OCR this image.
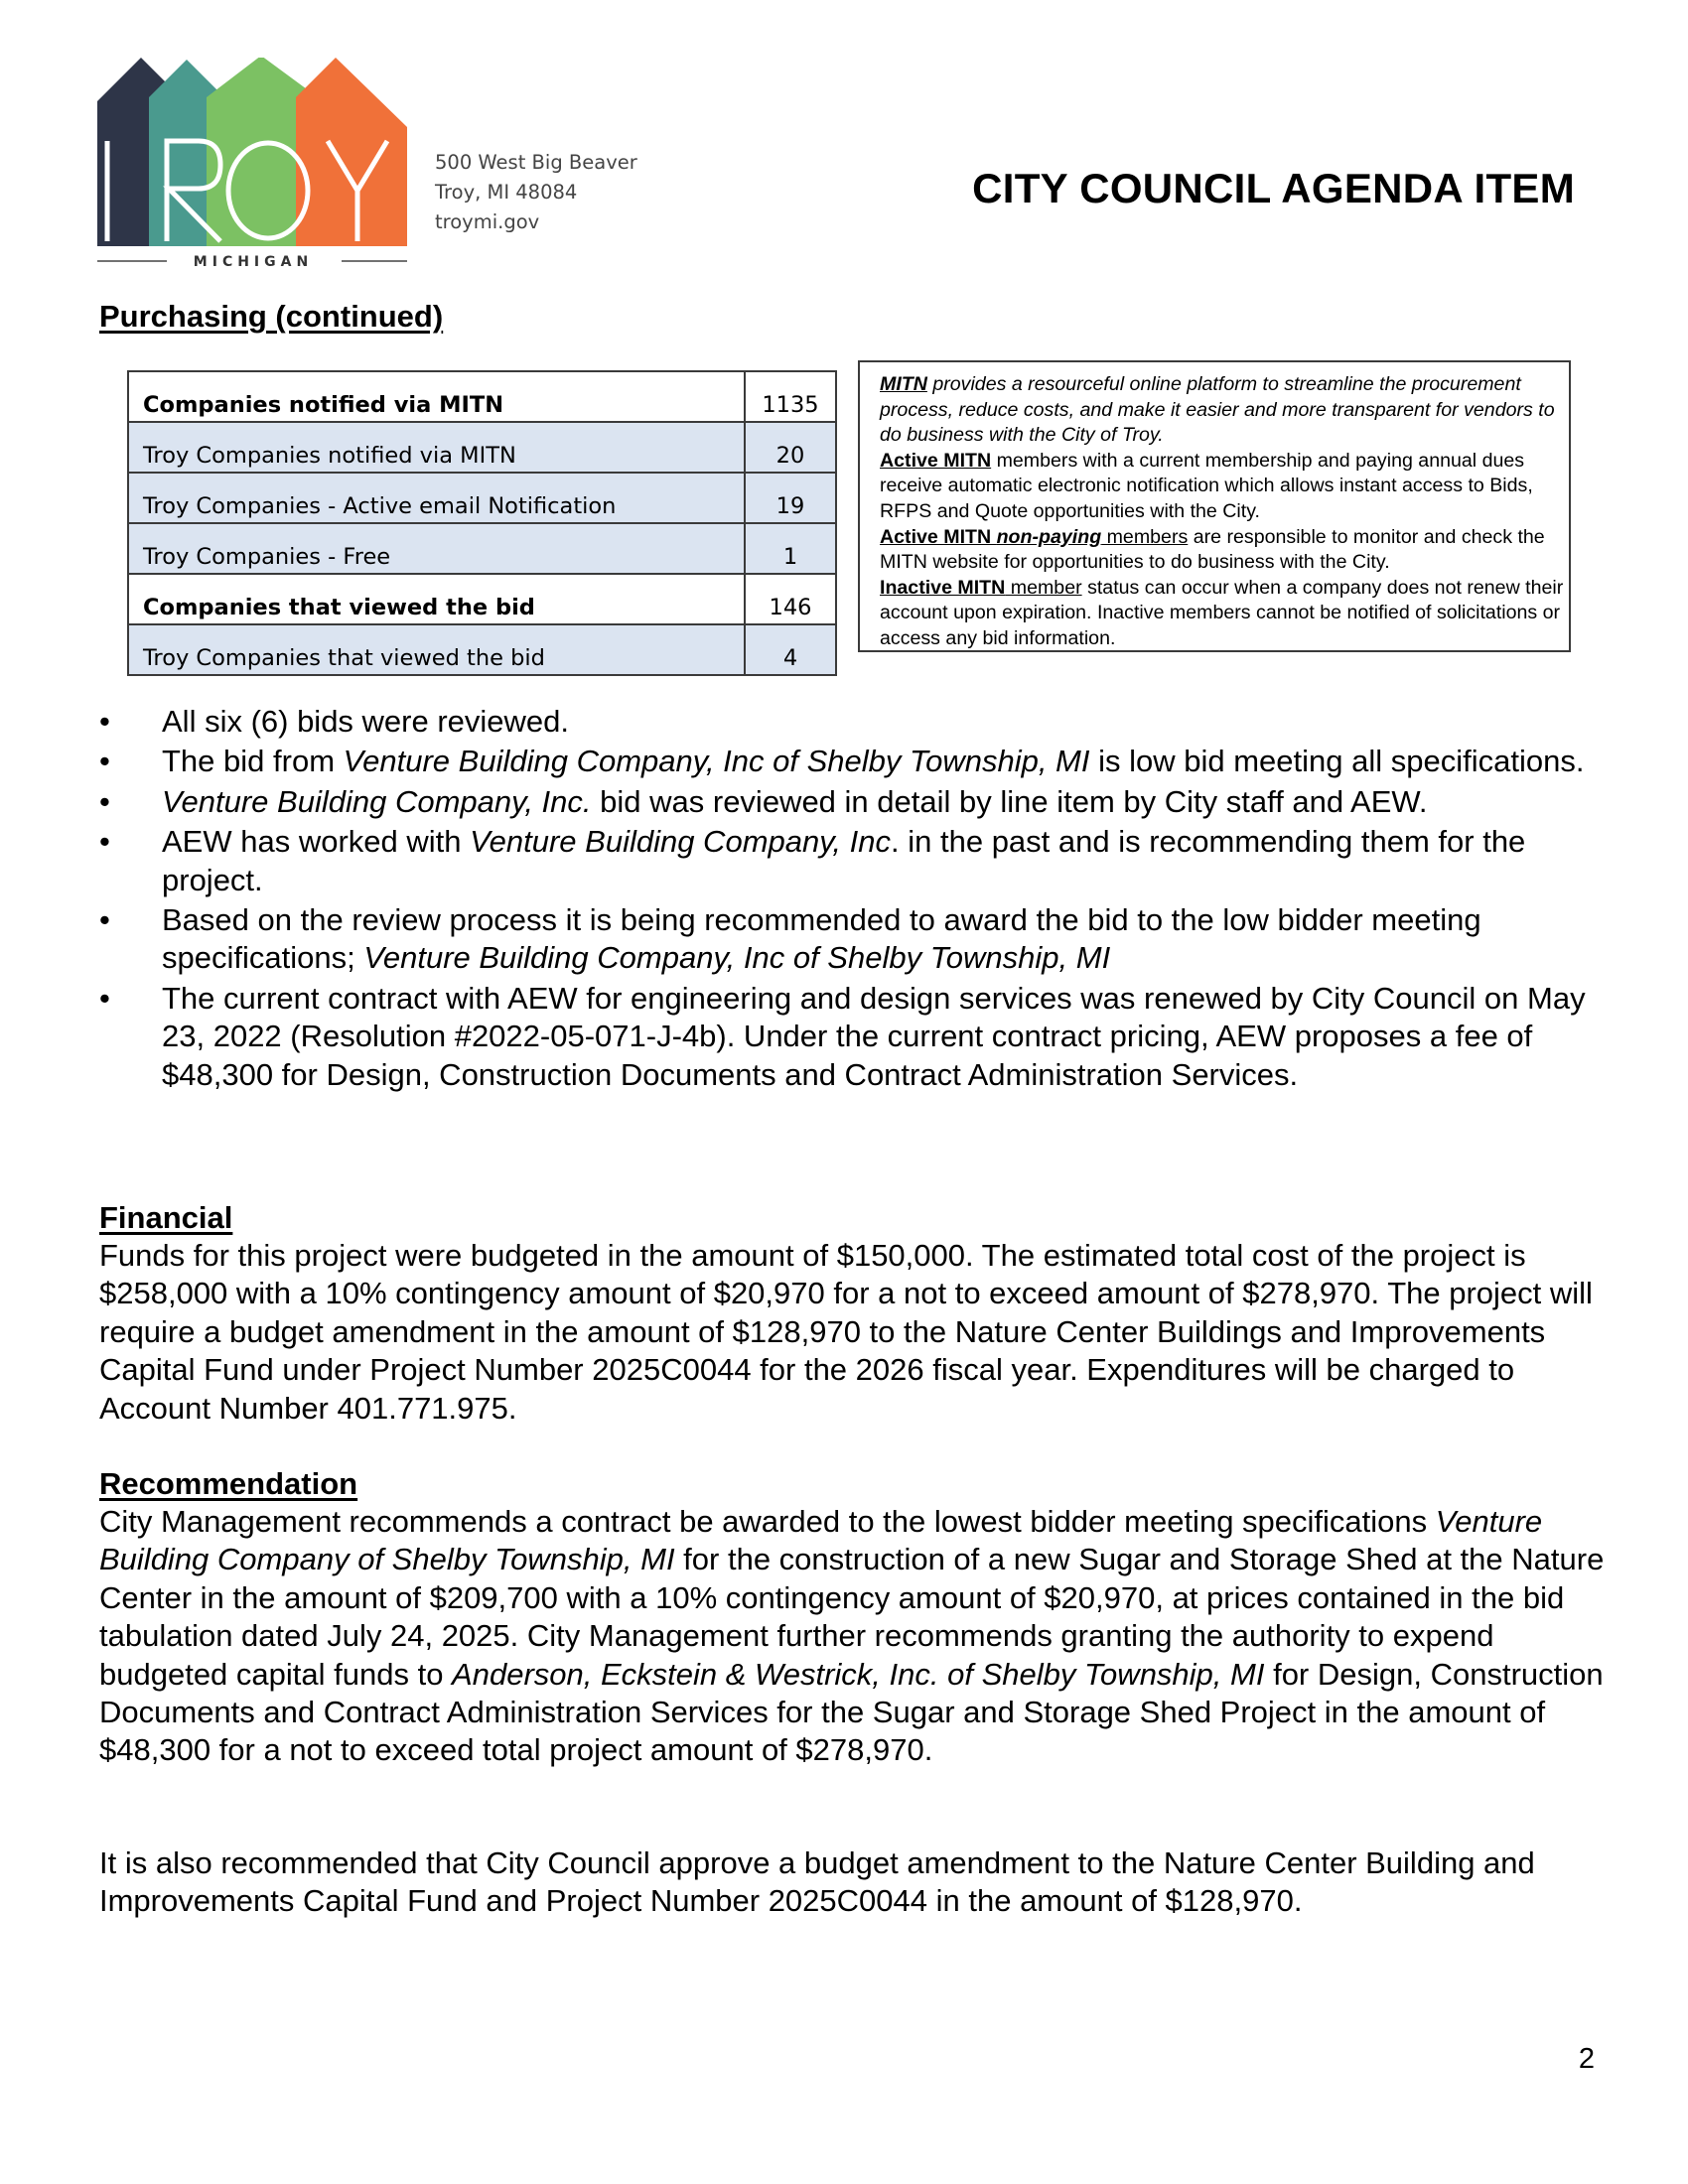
MICHIGAN
500 West Big Beaver
Troy, MI 48084
troymi.gov
CITY COUNCIL AGENDA ITEM
Purchasing (continued)
Companies notified via MITN	1135
Troy Companies notified via MITN	20
Troy Companies - Active email Notification	19
Troy Companies - Free	1
Companies that viewed the bid	146
Troy Companies that viewed the bid	4

MITN provides a resourceful online platform to streamline the procurement process, reduce costs, and make it easier and more transparent for vendors to do business with the City of Troy.

Active MITN members with a current membership and paying annual dues receive automatic electronic notification which allows instant access to Bids, RFPS and Quote opportunities with the City.

Active MITN non-paying members are responsible to monitor and check the MITN website for opportunities to do business with the City.

Inactive MITN member status can occur when a company does not renew their account upon expiration. Inactive members cannot be notified of solicitations or access any bid information.

•	All six (6) bids were reviewed.
•	The bid from Venture Building Company, Inc of Shelby Township, MI is low bid meeting all specifications.
•	Venture Building Company, Inc. bid was reviewed in detail by line item by City staff and AEW.
•	AEW has worked with Venture Building Company, Inc. in the past and is recommending them for the project.
•	Based on the review process it is being recommended to award the bid to the low bidder meeting specifications; Venture Building Company, Inc of Shelby Township, MI
•	The current contract with AEW for engineering and design services was renewed by City Council on May 23, 2022 (Resolution #2022-05-071-J-4b). Under the current contract pricing, AEW proposes a fee of $48,300 for Design, Construction Documents and Contract Administration Services.
Financial
Funds for this project were budgeted in the amount of $150,000. The estimated total cost of the project is $258,000 with a 10% contingency amount of $20,970 for a not to exceed amount of $278,970. The project will require a budget amendment in the amount of $128,970 to the Nature Center Buildings and Improvements Capital Fund under Project Number 2025C0044 for the 2026 fiscal year. Expenditures will be charged to Account Number 401.771.975.
Recommendation
City Management recommends a contract be awarded to the lowest bidder meeting specifications Venture Building Company of Shelby Township, MI for the construction of a new Sugar and Storage Shed at the Nature Center in the amount of $209,700 with a 10% contingency amount of $20,970, at prices contained in the bid tabulation dated July 24, 2025. City Management further recommends granting the authority to expend budgeted capital funds to Anderson, Eckstein & Westrick, Inc. of Shelby Township, MI for Design, Construction Documents and Contract Administration Services for the Sugar and Storage Shed Project in the amount of $48,300 for a not to exceed total project amount of $278,970.
It is also recommended that City Council approve a budget amendment to the Nature Center Building and Improvements Capital Fund and Project Number 2025C0044 in the amount of $128,970.
2
